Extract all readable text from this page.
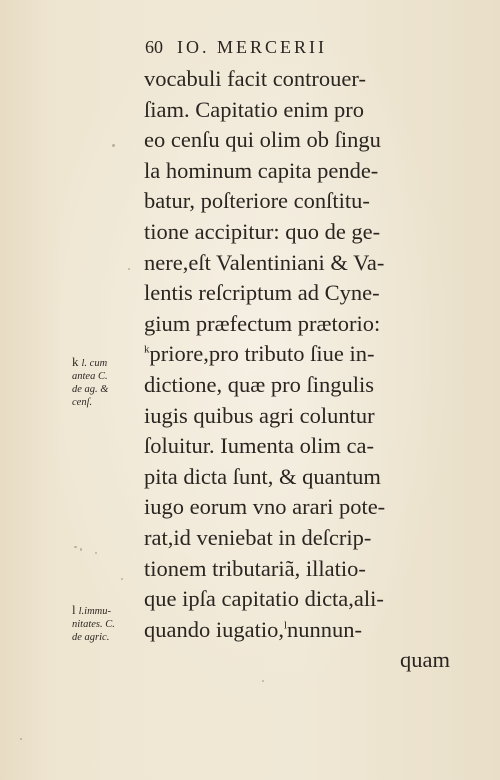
60 IO. MERCERII
vocabuli facit controuer-
ſiam. Capitatio enim pro
eo cenſu qui olim ob ſingu
la hominum capita pende-
batur, poſteriore conſtitu-
tione accipitur: quo de ge-
nere,eſt Valentiniani & Va-
lentis reſcriptum ad Cyne-
gium præfectum prætorio:
$^k$priore,pro tributo ſiue in-
dictione, quæ pro ſingulis
iugis quibus agri coluntur
ſoluitur. Iumenta olim ca-
pita dicta ſunt, & quantum
iugo eorum vno arari pote-
rat,id veniebat in deſcrip-
tionem tributariã, illatio-
que ipſa capitatio dicta,ali-
quando iugatio,$^l$nunnun-
quam
k l. cum
antea C.
de ag. &
cenſ.
l l.immu-
nitates. C.
de agric.
